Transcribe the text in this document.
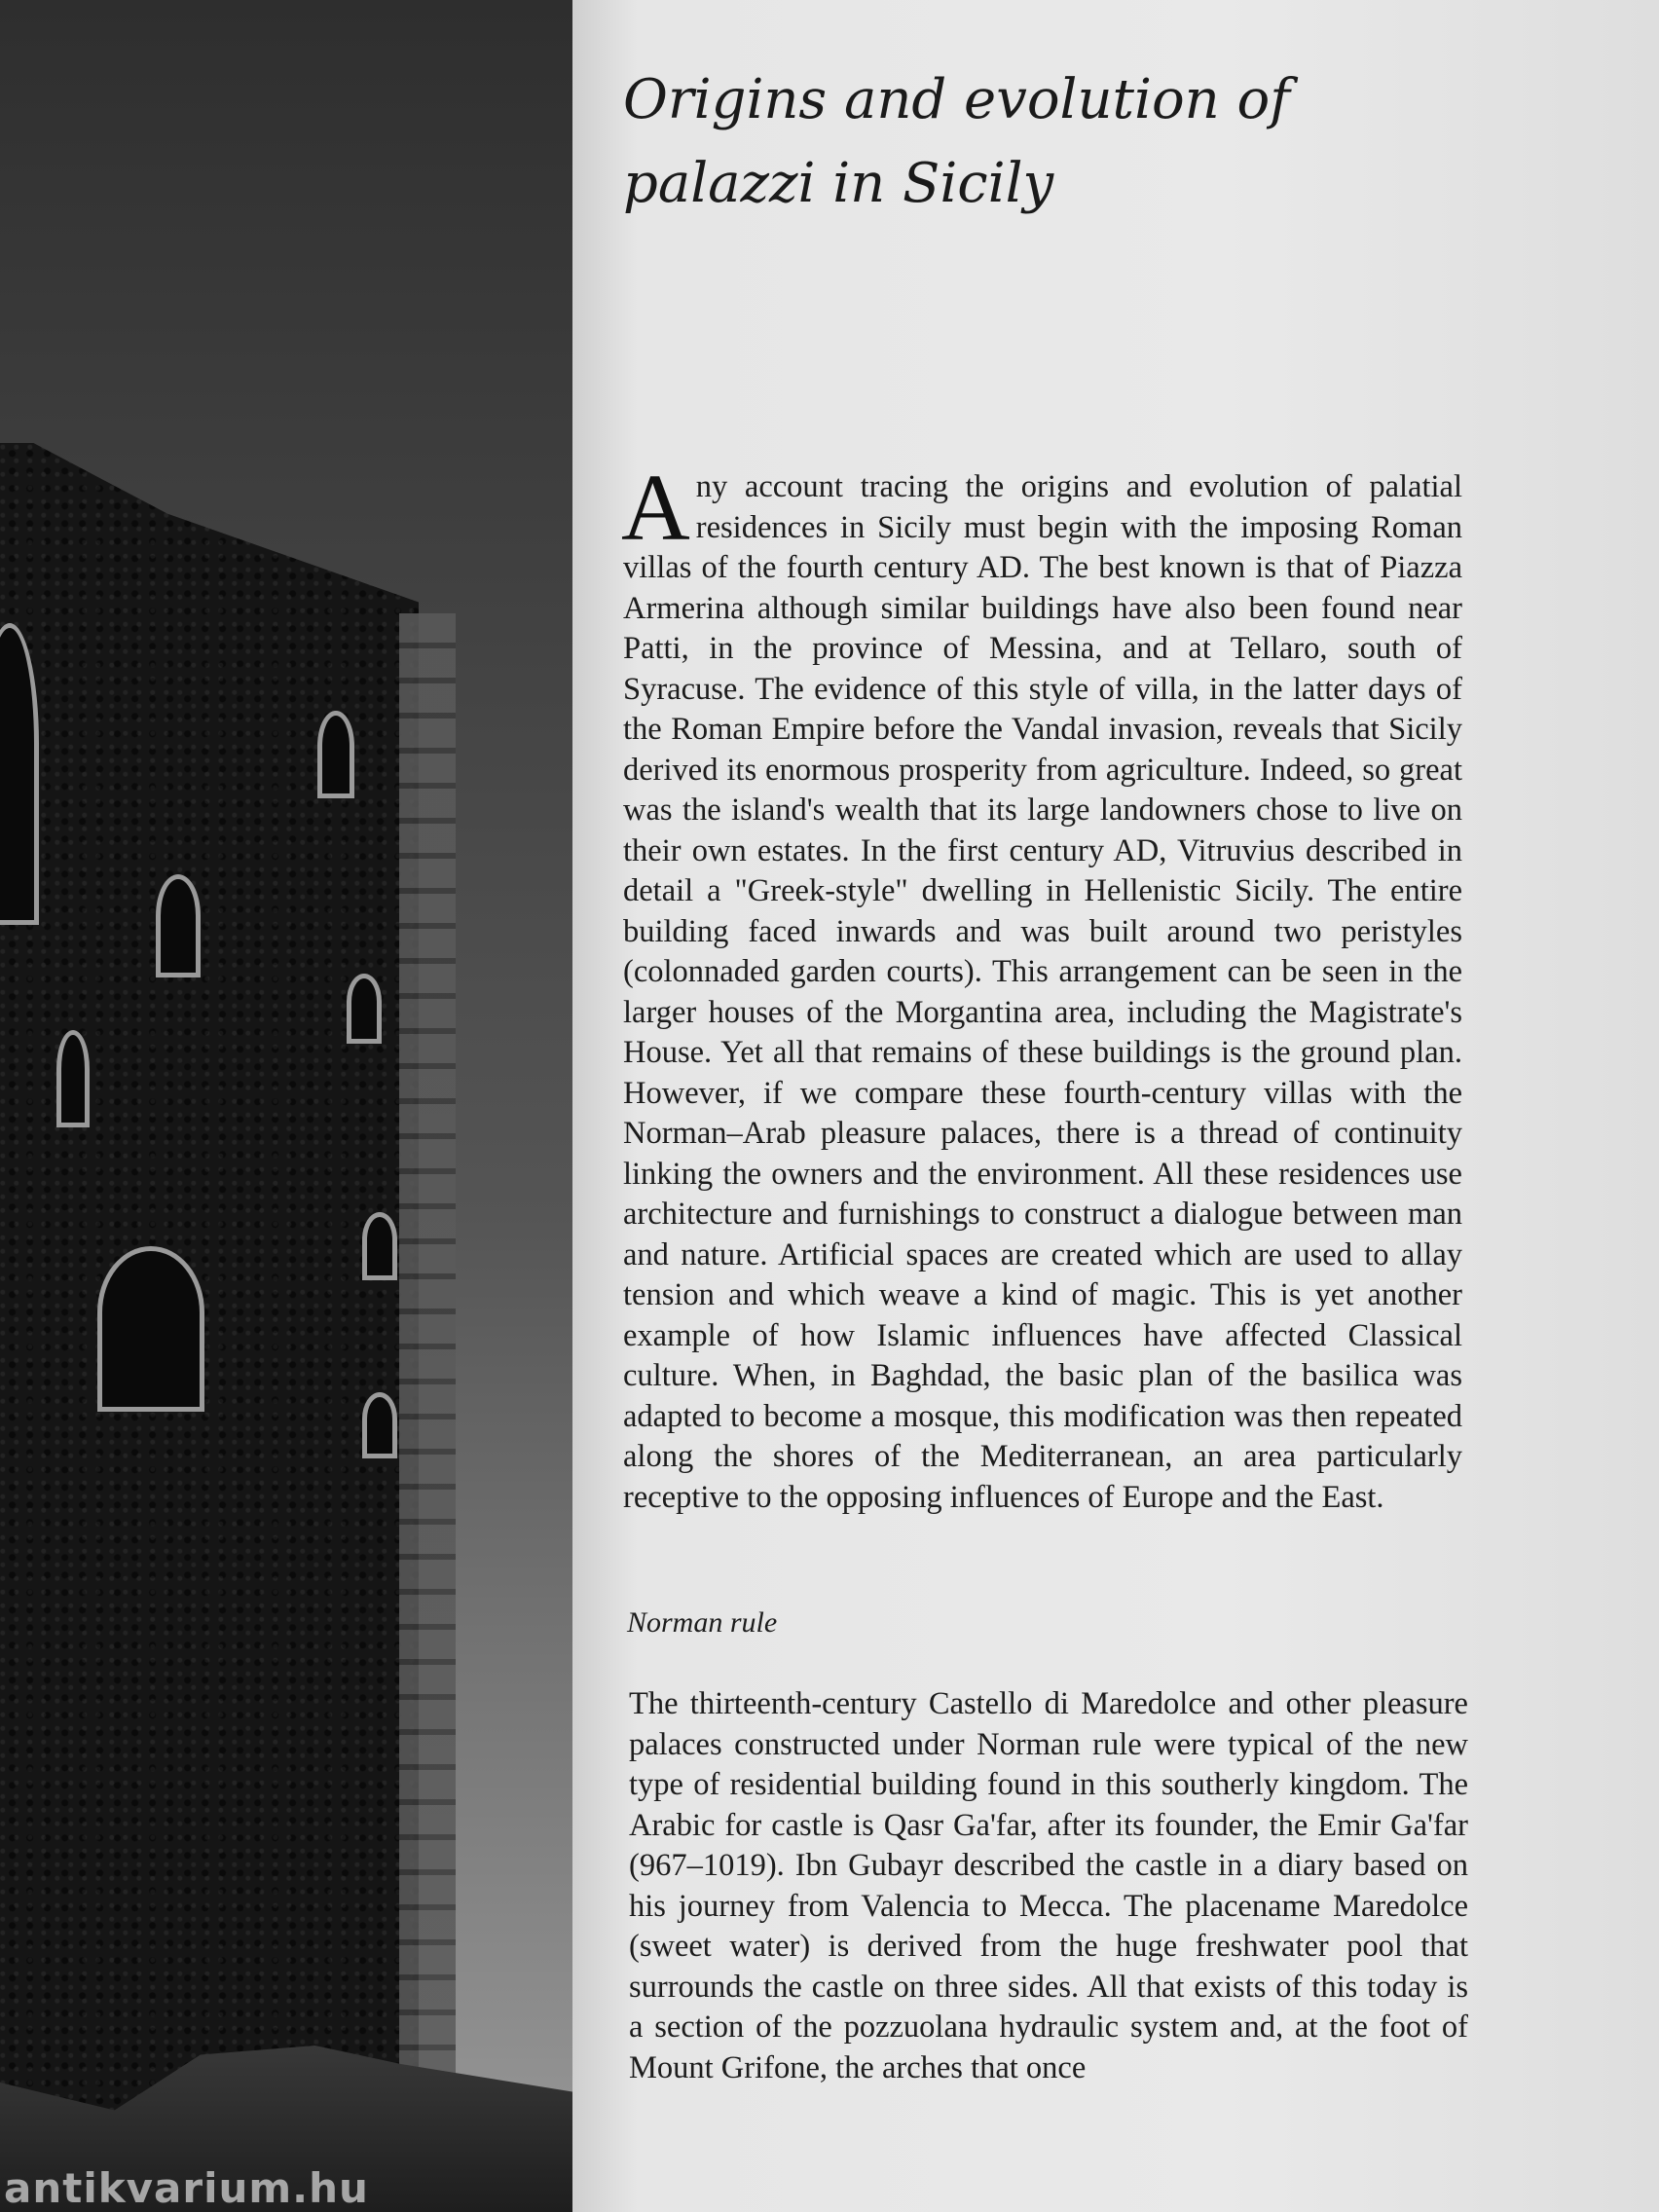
antikvarium.hu
Origins and evolution of palazzi in Sicily

Any account tracing the origins and evolution of palatial residences in Sicily must begin with the imposing Roman villas of the fourth century AD. The best known is that of Piazza Armerina although similar buildings have also been found near Patti, in the province of Messina, and at Tellaro, south of Syracuse. The evidence of this style of villa, in the latter days of the Roman Empire before the Vandal invasion, reveals that Sicily derived its enormous prosperity from agriculture. Indeed, so great was the island's wealth that its large landowners chose to live on their own estates. In the first century AD, Vitruvius described in detail a "Greek-style" dwelling in Hellenistic Sicily. The entire building faced inwards and was built around two peristyles (colonnaded garden courts). This arrangement can be seen in the larger houses of the Morgantina area, including the Magistrate's House. Yet all that remains of these buildings is the ground plan. However, if we compare these fourth-century villas with the Norman–Arab pleasure palaces, there is a thread of continuity linking the owners and the environment. All these residences use architecture and furnishings to construct a dialogue between man and nature. Artificial spaces are created which are used to allay tension and which weave a kind of magic. This is yet another example of how Islamic influences have affected Classical culture. When, in Baghdad, the basic plan of the basilica was adapted to become a mosque, this modification was then repeated along the shores of the Mediterranean, an area particularly receptive to the opposing influences of Europe and the East.

Norman rule

The thirteenth-century Castello di Maredolce and other pleasure palaces constructed under Norman rule were typical of the new type of residential building found in this southerly kingdom. The Arabic for castle is Qasr Ga'far, after its founder, the Emir Ga'far (967–1019). Ibn Gubayr described the castle in a diary based on his journey from Valencia to Mecca. The placename Maredolce (sweet water) is derived from the huge freshwater pool that surrounds the castle on three sides. All that exists of this today is a section of the pozzuolana hydraulic system and, at the foot of Mount Grifone, the arches that once
